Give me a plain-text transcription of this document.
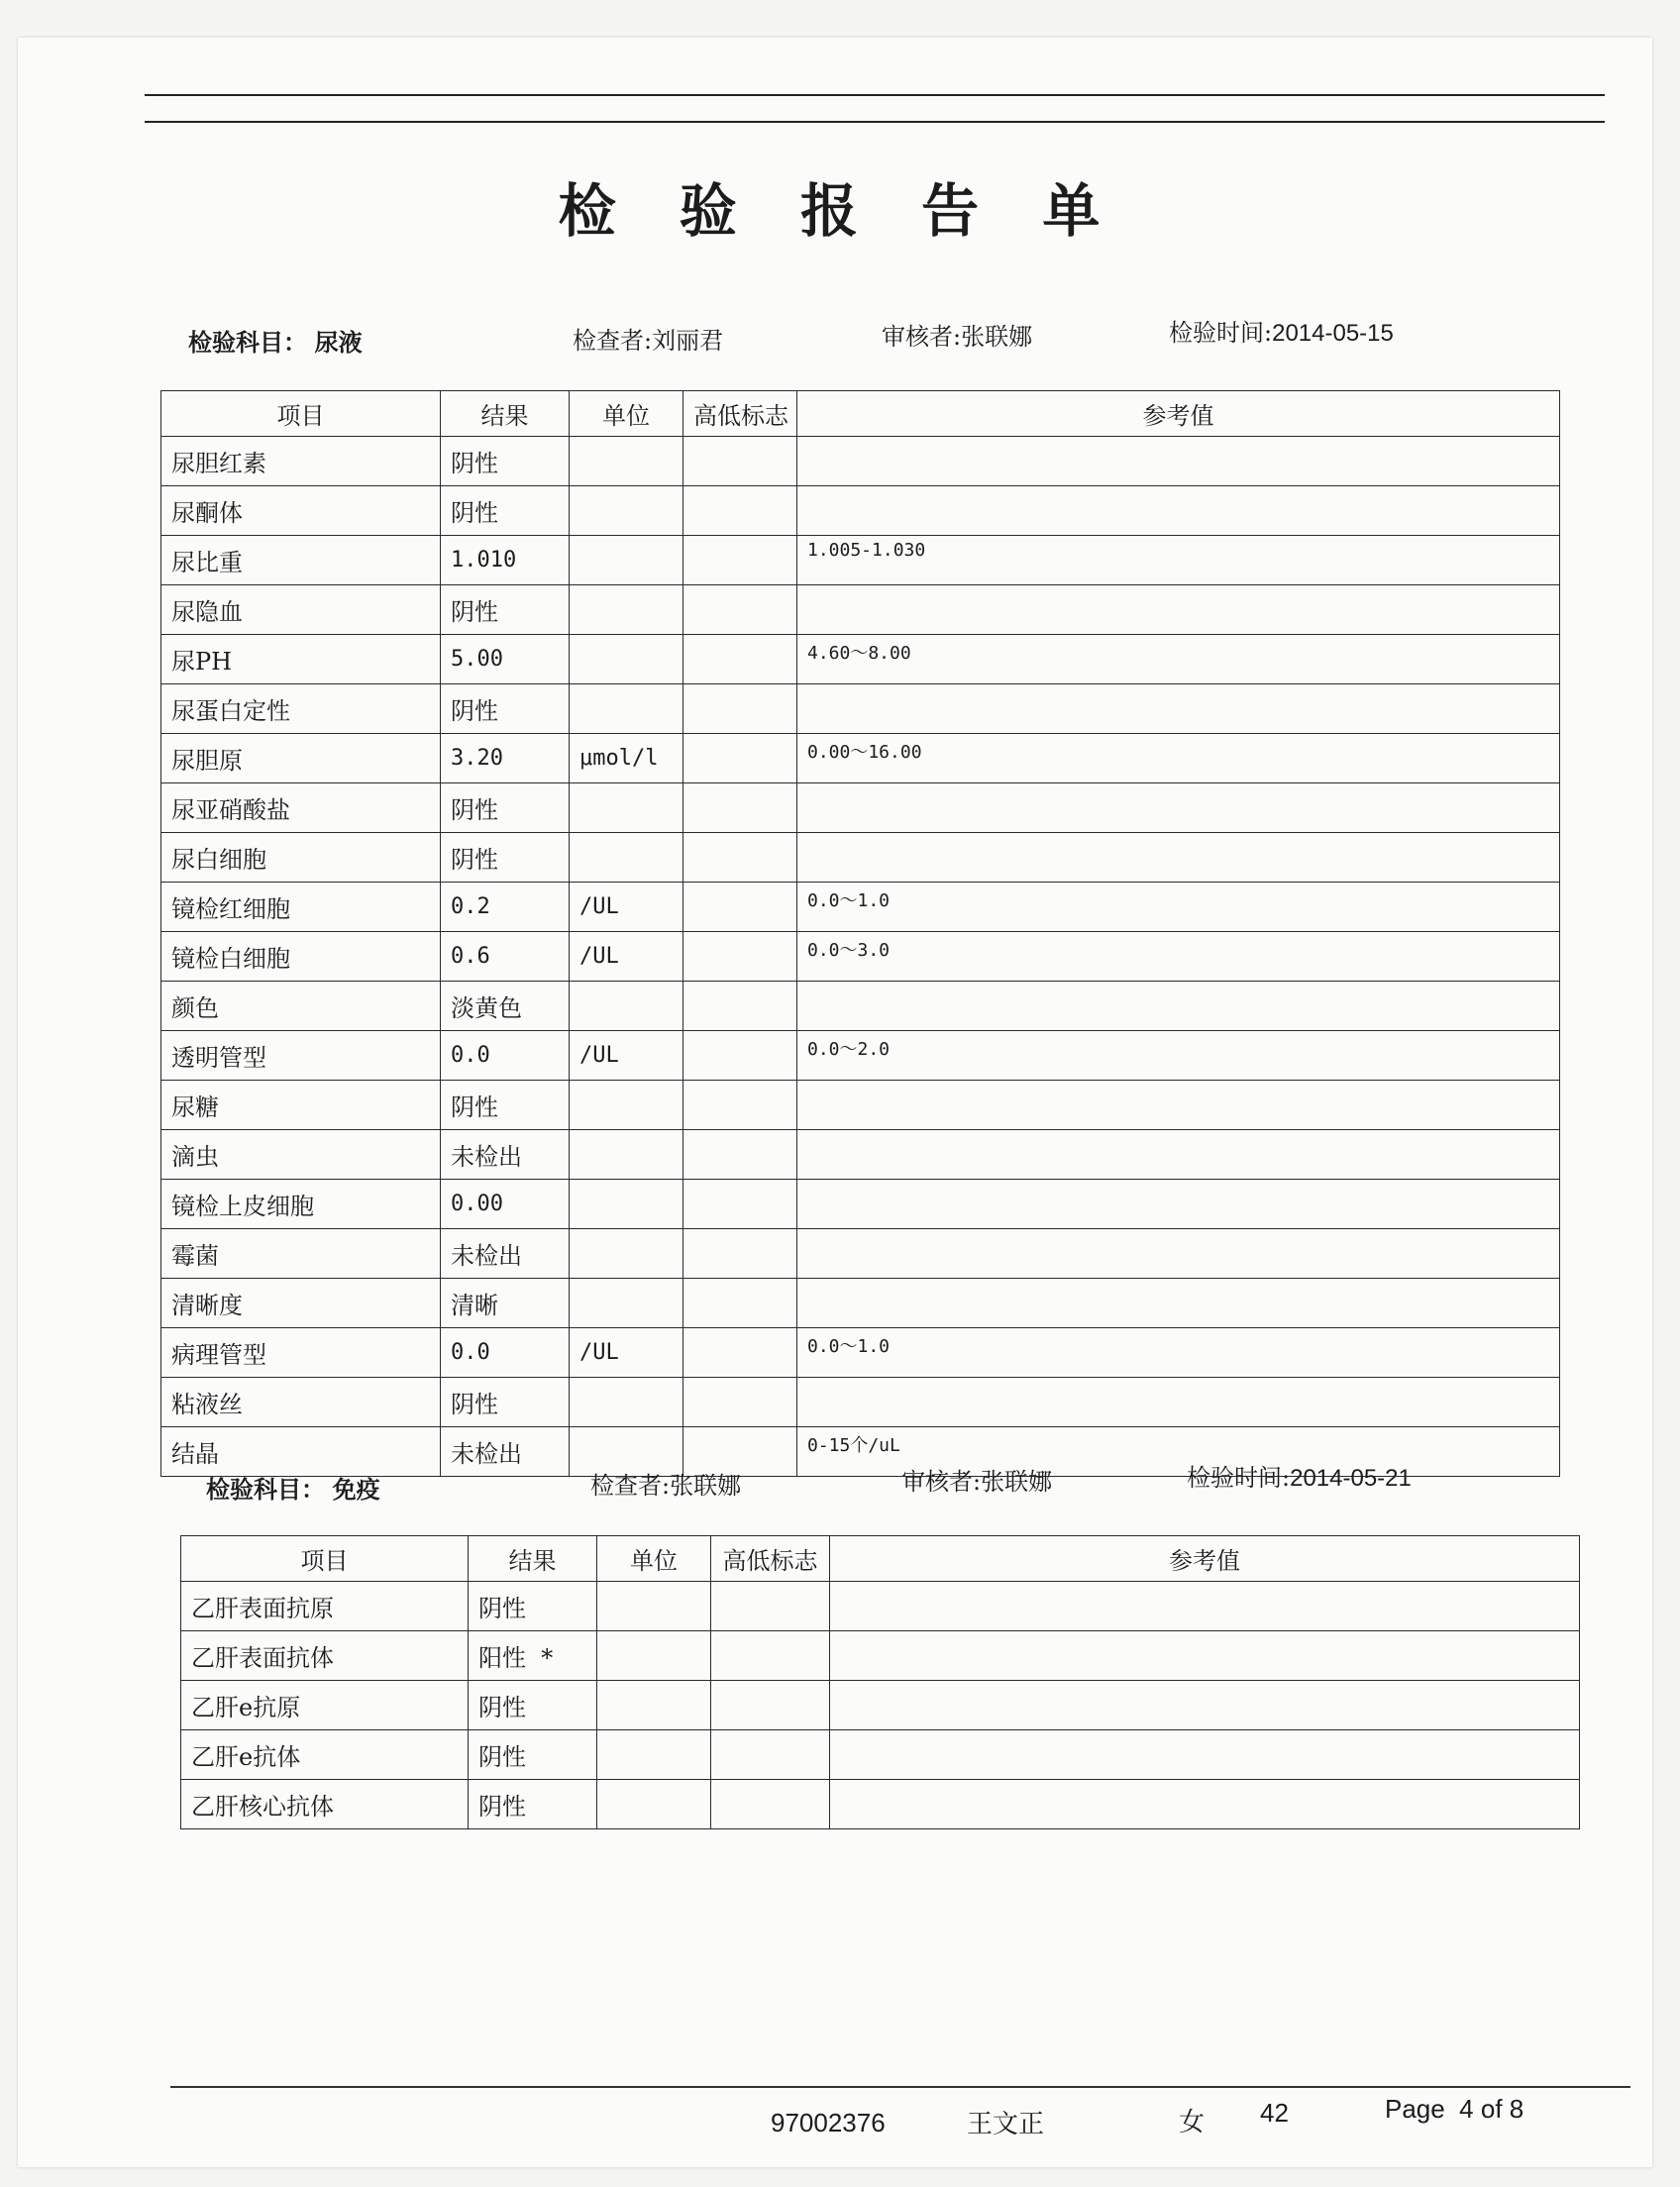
检 验 报 告 单
检验科目： 尿液	检查者:刘丽君	审核者:张联娜	检验时间:2014-05-15
项目	结果	单位	高低标志	参考值
尿胆红素	阴性			
尿酮体	阴性			
尿比重	1.010			1.005-1.030
尿隐血	阴性			
尿PH	5.00			4.60～8.00
尿蛋白定性	阴性			
尿胆原	3.20	μmol/l		0.00～16.00
尿亚硝酸盐	阴性			
尿白细胞	阴性			
镜检红细胞	0.2	/UL		0.0～1.0
镜检白细胞	0.6	/UL		0.0～3.0
颜色	淡黄色			
透明管型	0.0	/UL		0.0～2.0
尿糖	阴性			
滴虫	未检出			
镜检上皮细胞	0.00			
霉菌	未检出			
清晰度	清晰			
病理管型	0.0	/UL		0.0～1.0
粘液丝	阴性			
结晶	未检出			0-15个/uL
检验科目： 免疫	检查者:张联娜	审核者:张联娜	检验时间:2014-05-21
项目	结果	单位	高低标志	参考值
乙肝表面抗原	阴性			
乙肝表面抗体	阳性  *			
乙肝e抗原	阴性			
乙肝e抗体	阴性			
乙肝核心抗体	阴性			
97002376	王文正	女 42	Page  4 of 8
